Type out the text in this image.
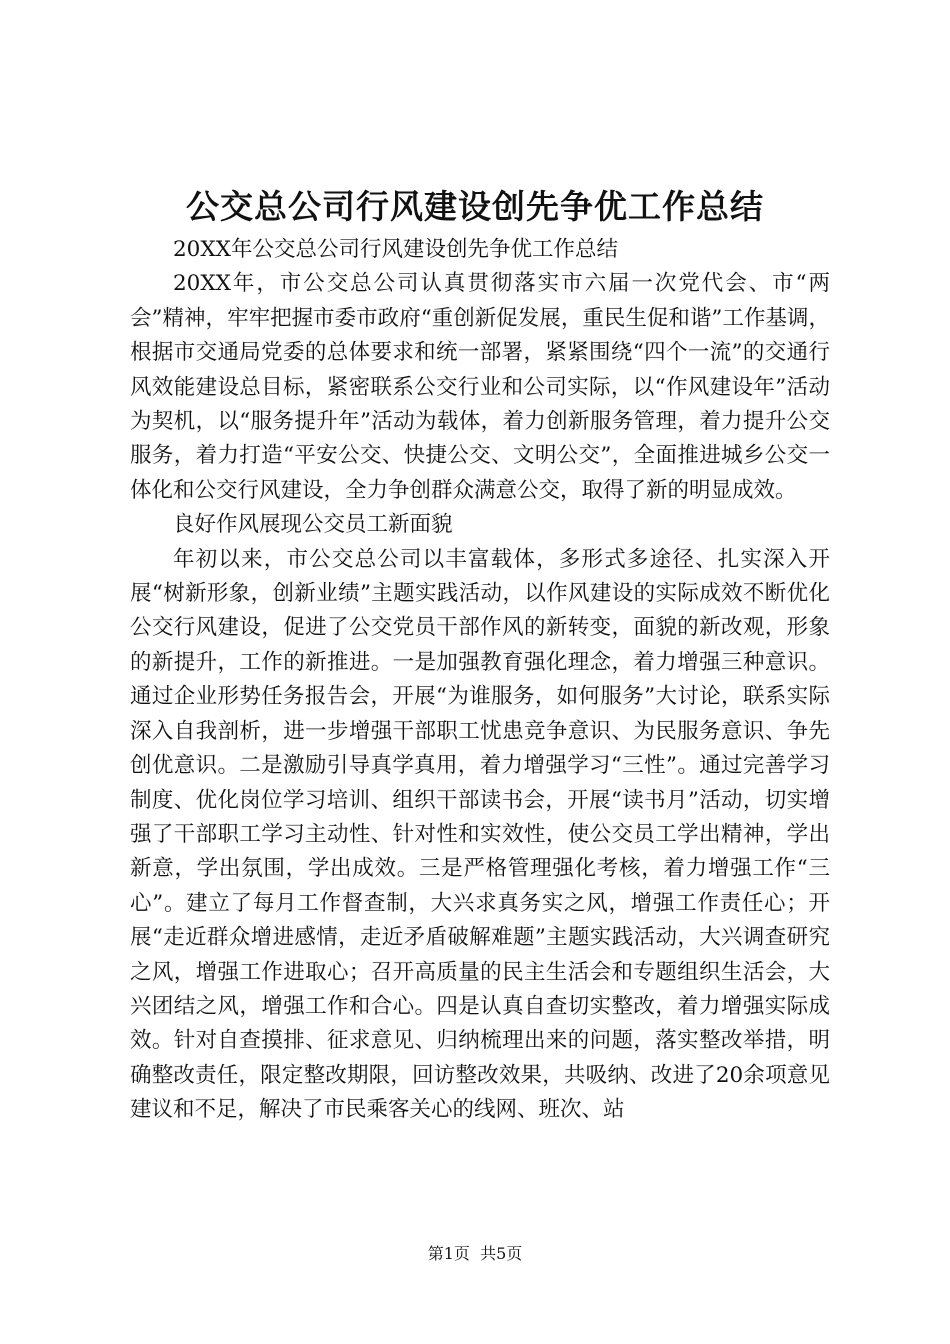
公交总公司行风建设创先争优工作总结

20XX年公交总公司行风建设创先争优工作总结

20XX年，市公交总公司认真贯彻落实市六届一次党代会、市“两会”精神，牢牢把握市委市政府“重创新促发展，重民生促和谐”工作基调，根据市交通局党委的总体要求和统一部署，紧紧围绕“四个一流”的交通行风效能建设总目标，紧密联系公交行业和公司实际，以“作风建设年”活动为契机，以“服务提升年”活动为载体，着力创新服务管理，着力提升公交服务，着力打造“平安公交、快捷公交、文明公交”，全面推进城乡公交一体化和公交行风建设，全力争创群众满意公交，取得了新的明显成效。

良好作风展现公交员工新面貌

年初以来，市公交总公司以丰富载体，多形式多途径、扎实深入开展“树新形象，创新业绩”主题实践活动，以作风建设的实际成效不断优化公交行风建设，促进了公交党员干部作风的新转变，面貌的新改观，形象的新提升，工作的新推进。一是加强教育强化理念，着力增强三种意识。通过企业形势任务报告会，开展“为谁服务，如何服务”大讨论，联系实际深入自我剖析，进一步增强干部职工忧患竞争意识、为民服务意识、争先创优意识。二是激励引导真学真用，着力增强学习“三性”。通过完善学习制度、优化岗位学习培训、组织干部读书会，开展“读书月”活动，切实增强了干部职工学习主动性、针对性和实效性，使公交员工学出精神，学出新意，学出氛围，学出成效。三是严格管理强化考核，着力增强工作“三心”。建立了每月工作督查制，大兴求真务实之风，增强工作责任心；开展“走近群众增进感情，走近矛盾破解难题”主题实践活动，大兴调查研究之风，增强工作进取心；召开高质量的民主生活会和专题组织生活会，大兴团结之风，增强工作和合心。四是认真自查切实整改，着力增强实际成效。针对自查摸排、征求意见、归纳梳理出来的问题，落实整改举措，明确整改责任，限定整改期限，回访整改效果，共吸纳、改进了20余项意见建议和不足，解决了市民乘客关心的线网、班次、站

第1页  共5页
